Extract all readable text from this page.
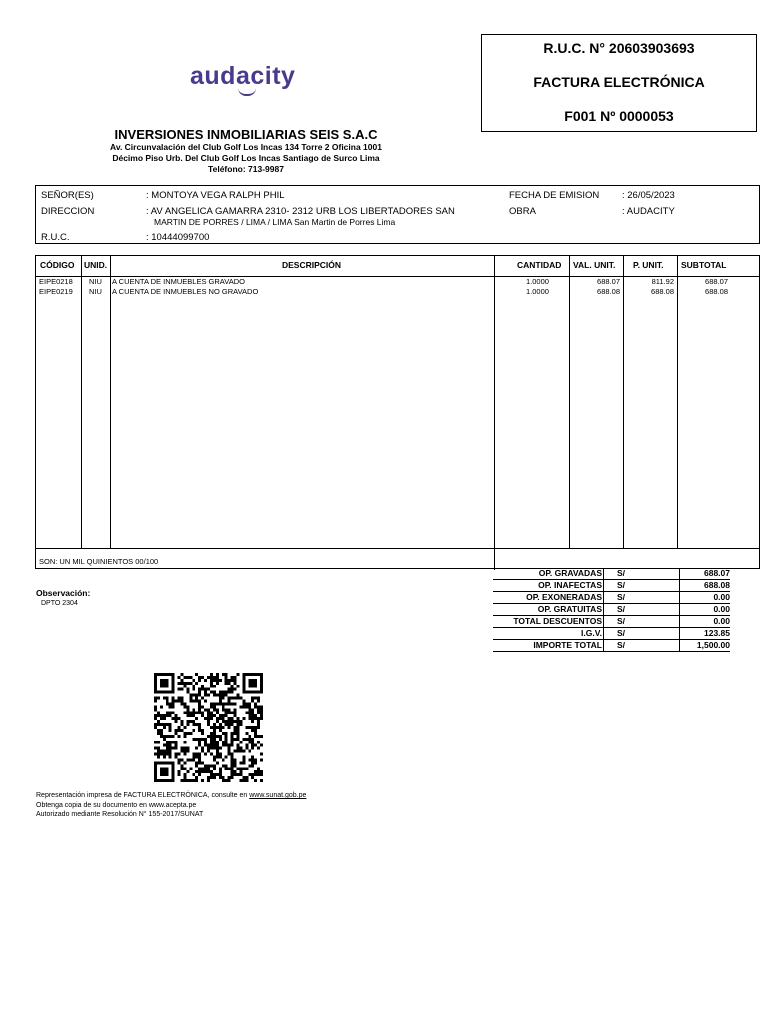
audacity
R.U.C. N° 20603903693
FACTURA ELECTRÓNICA
F001 Nº 0000053
INVERSIONES INMOBILIARIAS SEIS S.A.C
Av. Circunvalación del Club Golf Los Incas 134 Torre 2 Oficina 1001
Décimo Piso Urb. Del Club Golf Los Incas Santiago de Surco Lima
Teléfono: 713-9987
SEÑOR(ES)	: MONTOYA VEGA RALPH PHIL
DIRECCION	: AV ANGELICA GAMARRA 2310- 2312 URB LOS LIBERTADORES SAN
MARTIN DE PORRES / LIMA / LIMA San Martin de Porres Lima
R.U.C.	: 10444099700
FECHA DE EMISION : 26/05/2023
OBRA	: AUDACITY
CÓDIGO UNID.	DESCRIPCIÓN	CANTIDAD VAL. UNIT. P. UNIT. SUBTOTAL
EIPE0218 NIU A CUENTA DE INMUEBLES GRAVADO	1.0000	688.07	811.92	688.07
EIPE0219 NIU A CUENTA DE INMUEBLES NO GRAVADO	1.0000	688.08	688.08	688.08
SON: UN MIL QUINIENTOS 00/100
OP. GRAVADAS S/	688.07
OP. INAFECTAS S/	688.08
OP. EXONERADAS S/	0.00
OP. GRATUITAS S/	0.00
TOTAL DESCUENTOS S/	0.00
I.G.V. S/	123.85
IMPORTE TOTAL S/	1,500.00
Observación:
DPTO 2304
Representación impresa de FACTURA ELECTRÓNICA, consulte en www.sunat.gob.pe
Obtenga copia de su documento en www.acepta.pe
Autorizado mediante Resolución N° 155-2017/SUNAT
